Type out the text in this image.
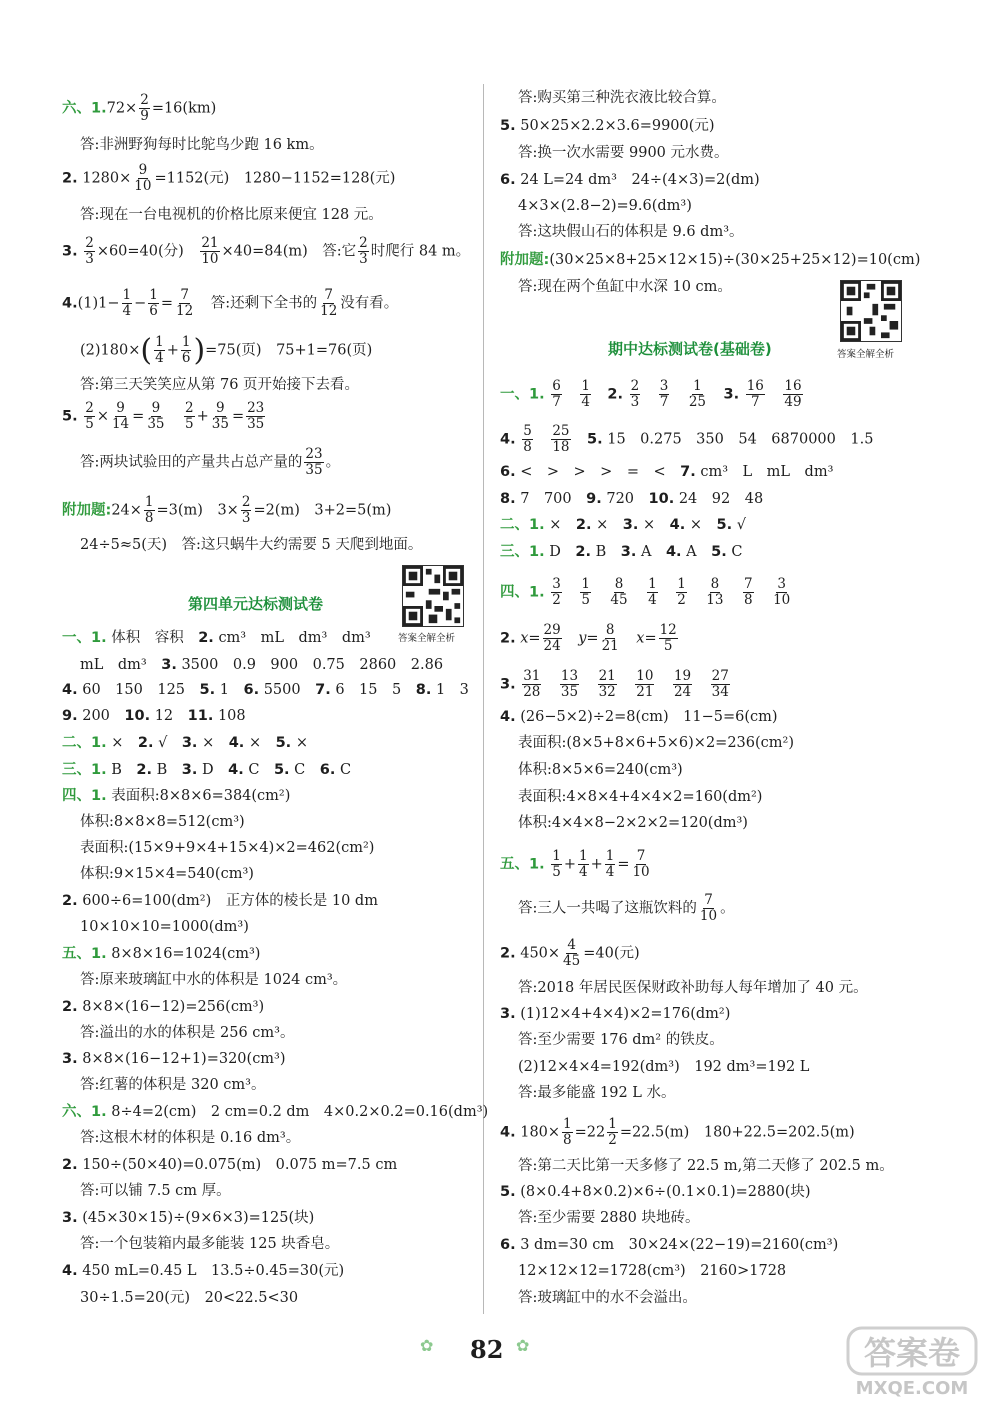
六、$1.72\times \frac{2}{9} =16(km)$
答:非洲野狗每时比鸵鸟少跑 16 km。
2. $1280\times \frac{9}{10} =1152$(元)　1280−1152=128(元)
答:现在一台电视机的价格比原来便宜 128 元。
3. $\frac{2}{3} \times 60=40$(分)　 $\frac{21}{10} \times 40=84(m)$　答:它 $\frac{2}{3}$ 时爬行 84 m。
$4.(1)1- \frac{1}{4} - \frac{1}{6} = \frac{7}{12}$ 　答:还剩下全书的 $\frac{7}{12}$ 没有看。
$(2)180\times( \frac{1}{4} + \frac{1}{6} )=75$(页)　75+1=76(页)
答:第三天笑笑应从第 76 页开始接下去看。
5. $\frac{2}{5} \times \frac{9}{14} = \frac{9}{35}$
　 $\frac{2}{5} + \frac{9}{35} = \frac{23}{35}$
答:两块试验田的产量共占总产量的 $\frac{23}{35}$ 。
附加题:24× $\frac{1}{8} =3(m)$　$3\times \frac{2}{3} =2(m)$　3+2=5(m)
24÷5≈5(天)　答:这只蜗牛大约需要 5 天爬到地面。
第四单元达标测试卷
答案全解全析
一、1. 体积　容积　2. cm³　mL　dm³　dm³
mL　dm³　3. 3500　0.9　900　0.75　2860　2.86
4. 60　150　125　5. 1　6. 5500　7. 6　15　5　8. 1　3
9. 200　10. 12　11. 108
二、1. ×　2. √　3. ×　4. ×　5. ×
三、1. B　2. B　3. D　4. C　5. C　6. C
四、1. 表面积:8×8×6=384(cm²)
体积:8×8×8=512(cm³)
表面积:(15×9+9×4+15×4)×2=462(cm²)
体积:9×15×4=540(cm³)
2. 600÷6=100(dm²)　正方体的棱长是 10 dm
10×10×10=1000(dm³)
五、1. 8×8×16=1024(cm³)
答:原来玻璃缸中水的体积是 1024 cm³。
2. 8×8×(16−12)=256(cm³)
答:溢出的水的体积是 256 cm³。
3. 8×8×(16−12+1)=320(cm³)
答:红薯的体积是 320 cm³。
六、1. 8÷4=2(cm)　2 cm=0.2 dm　4×0.2×0.2=0.16(dm³)
答:这根木材的体积是 0.16 dm³。
2. 150÷(50×40)=0.075(m)　0.075 m=7.5 cm
答:可以铺 7.5 cm 厚。
3. (45×30×15)÷(9×6×3)=125(块)
答:一个包装箱内最多能装 125 块香皂。
4. 450 mL=0.45 L　13.5÷0.45=30(元)
30÷1.5=20(元)　20<22.5<30
答:购买第三种洗衣液比较合算。
5. 50×25×2.2×3.6=9900(元)
答:换一次水需要 9900 元水费。
6. 24 L=24 dm³　24÷(4×3)=2(dm)
4×3×(2.8−2)=9.6(dm³)
答:这块假山石的体积是 9.6 dm³。
附加题:(30×25×8+25×12×15)÷(30×25+25×12)=10(cm)
答:现在两个鱼缸中水深 10 cm。
答案全解全析
期中达标测试卷(基础卷)
一、1. $\frac{6}{7}$
　 $\frac{1}{4}$
　 2. $\frac{2}{3}$
　 $\frac{3}{7}$
　 $\frac{1}{25}$
　 3. $\frac{16}{7}$
　 $\frac{16}{49}$
4. $\frac{5}{8}$
　 $\frac{25}{18}$
　 5. 15　0.275　350　54　6870000　1.5
6. <　>　>　>　=　<　7. cm³　L　mL　dm³
8. 7　700　9. 720　10. 24　92　48
二、1. ×　2. ×　3. ×　4. ×　5. √
三、1. D　2. B　3. A　4. A　5. C
四、1. $\frac{3}{2}$
　 $\frac{1}{5}$
　 $\frac{8}{45}$
　 $\frac{1}{4}$
　 $\frac{1}{2}$
　 $\frac{8}{13}$
　 $\frac{7}{8}$
　 $\frac{3}{10}$
2. $x= \frac{29}{24}$
　 $y= \frac{8}{21}$
　 $x= \frac{12}{5}$
3. $\frac{31}{28}$
　 $\frac{13}{35}$
　 $\frac{21}{32}$
　 $\frac{10}{21}$
　 $\frac{19}{24}$
　 $\frac{27}{34}$
4. (26−5×2)÷2=8(cm)　11−5=6(cm)
表面积:(8×5+8×6+5×6)×2=236(cm²)
体积:8×5×6=240(cm³)
表面积:4×8×4+4×4×2=160(dm²)
体积:4×4×8−2×2×2=120(dm³)
五、1. $\frac{1}{5} + \frac{1}{4} + \frac{1}{4} = \frac{7}{10}$
答:三人一共喝了这瓶饮料的 $\frac{7}{10}$ 。
2. $450\times \frac{4}{45} =40$(元)
答:2018 年居民医保财政补助每人每年增加了 40 元。
3. (1)12×4+4×4)×2=176(dm²)
答:至少需要 176 dm² 的铁皮。
(2)12×4×4=192(dm³)　192 dm³=192 L
答:最多能盛 192 L 水。
4. $180\times \frac{1}{8} =22 \frac{1}{2} =22.5(m)$　180+22.5=202.5(m)
答:第二天比第一天多修了 22.5 m,第二天修了 202.5 m。
5. (8×0.4+8×0.2)×6÷(0.1×0.1)=2880(块)
答:至少需要 2880 块地砖。
6. 3 dm=30 cm　30×24×(22−19)=2160(cm³)
12×12×12=1728(cm³)　2160>1728
答:玻璃缸中的水不会溢出。
✿ 82 ✿	答案卷
MXQE.COM
